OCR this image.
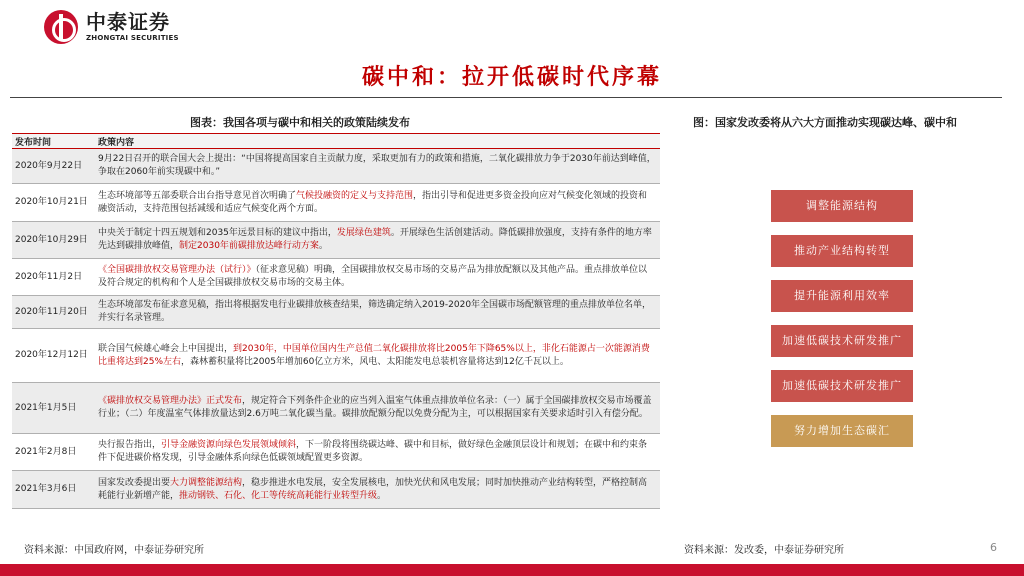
中泰证券
ZHONGTAI SECURITIES
碳中和：拉开低碳时代序幕
图表：我国各项与碳中和相关的政策陆续发布	图：国家发改委将从六大方面推动实现碳达峰、碳中和
发布时间	政策内容
2020年9月22日
9月22日召开的联合国大会上提出：“中国将提高国家自主贡献力度，采取更加有力的政策和措施，二氧化碳排放力争于2030年前达到峰值，争取在2060年前实现碳中和。”
2020年10月21日
生态环境部等五部委联合出台指导意见首次明确了气候投融资的定义与支持范围，指出引导和促进更多资金投向应对气候变化领域的投资和融资活动，支持范围包括减缓和适应气候变化两个方面。
2020年10月29日
中央关于制定十四五规划和2035年远景目标的建议中指出，发展绿色建筑。开展绿色生活创建活动。降低碳排放强度，支持有条件的地方率先达到碳排放峰值，制定2030年前碳排放达峰行动方案。
2020年11月2日
《全国碳排放权交易管理办法（试行）》（征求意见稿）明确，全国碳排放权交易市场的交易产品为排放配额以及其他产品。重点排放单位以及符合规定的机构和个人是全国碳排放权交易市场的交易主体。
2020年11月20日
生态环境部发布征求意见稿，指出将根据发电行业碳排放核查结果，筛选确定纳入2019-2020年全国碳市场配额管理的重点排放单位名单，并实行名录管理。
2020年12月12日
联合国气候雄心峰会上中国提出，到2030年，中国单位国内生产总值二氧化碳排放将比2005年下降65%以上，非化石能源占一次能源消费比重将达到25%左右，森林蓄积量将比2005年增加60亿立方米，风电、太阳能发电总装机容量将达到12亿千瓦以上。
2021年1月5日
《碳排放权交易管理办法》正式发布，规定符合下列条件企业的应当列入温室气体重点排放单位名录：（一）属于全国碳排放权交易市场覆盖行业；（二）年度温室气体排放量达到2.6万吨二氧化碳当量。碳排放配额分配以免费分配为主，可以根据国家有关要求适时引入有偿分配。
2021年2月8日
央行报告指出，引导金融资源向绿色发展领域倾斜，下一阶段将围绕碳达峰、碳中和目标，做好绿色金融顶层设计和规划；在碳中和约束条件下促进碳价格发现，引导金融体系向绿色低碳领域配置更多资源。
2021年3月6日
国家发改委提出要大力调整能源结构，稳步推进水电发展，安全发展核电，加快光伏和风电发展；同时加快推动产业结构转型，严格控制高耗能行业新增产能，推动钢铁、石化、化工等传统高耗能行业转型升级。
调整能源结构
推动产业结构转型
提升能源利用效率
加速低碳技术研发推广
加速低碳技术研发推广
努力增加生态碳汇
资料来源：中国政府网，中泰证券研究所	资料来源：发改委，中泰证券研究所	6
